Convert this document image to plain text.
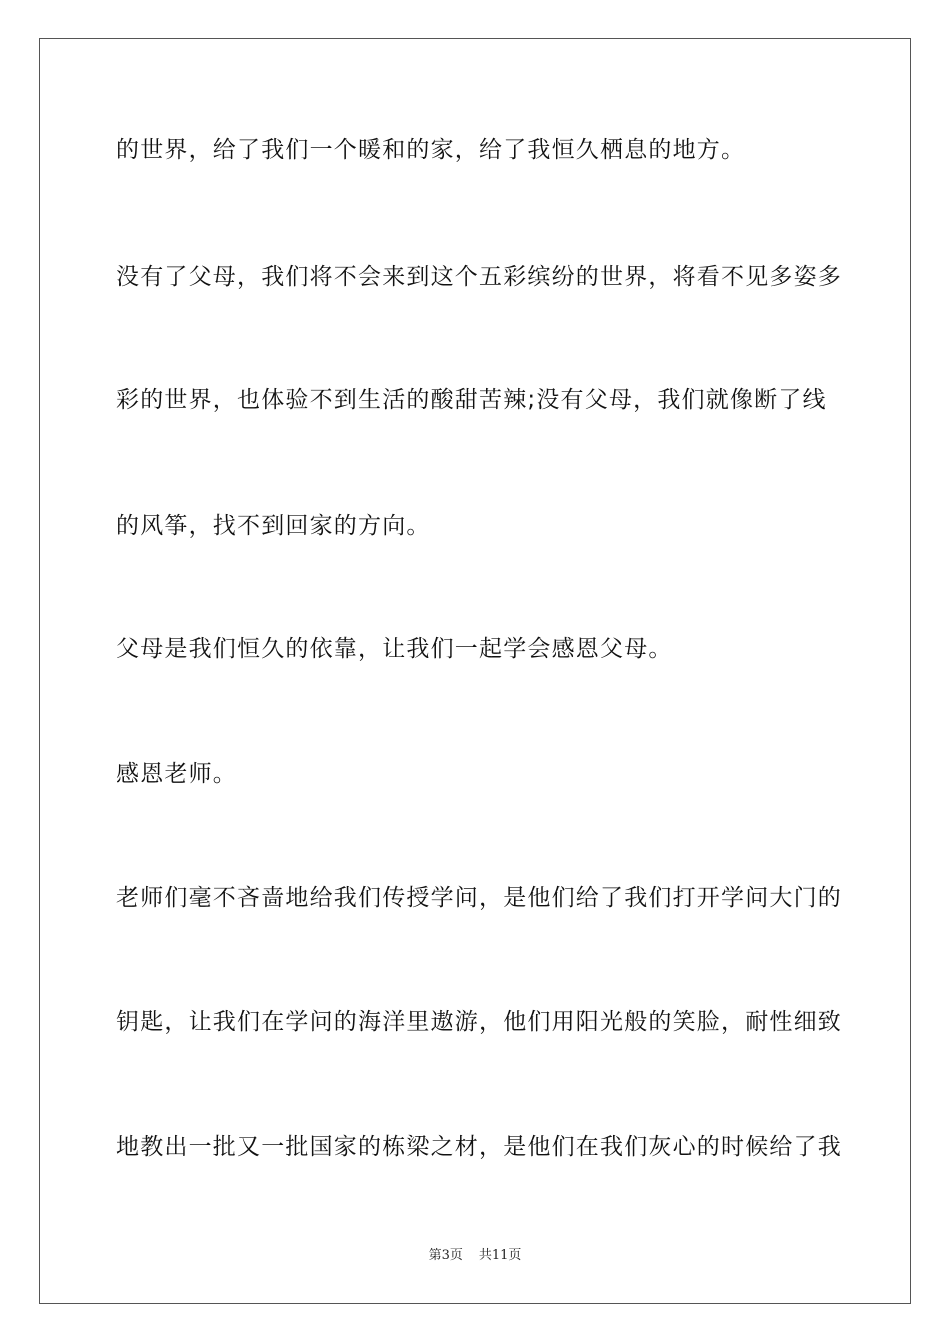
的世界，给了我们一个暖和的家，给了我恒久栖息的地方。
没有了父母，我们将不会来到这个五彩缤纷的世界，将看不见多姿多
彩的世界，也体验不到生活的酸甜苦辣;没有父母，我们就像断了线
的风筝，找不到回家的方向。
父母是我们恒久的依靠，让我们一起学会感恩父母。
感恩老师。
老师们毫不吝啬地给我们传授学问，是他们给了我们打开学问大门的
钥匙，让我们在学问的海洋里遨游，他们用阳光般的笑脸，耐性细致
地教出一批又一批国家的栋梁之材，是他们在我们灰心的时候给了我
第3页 共11页
